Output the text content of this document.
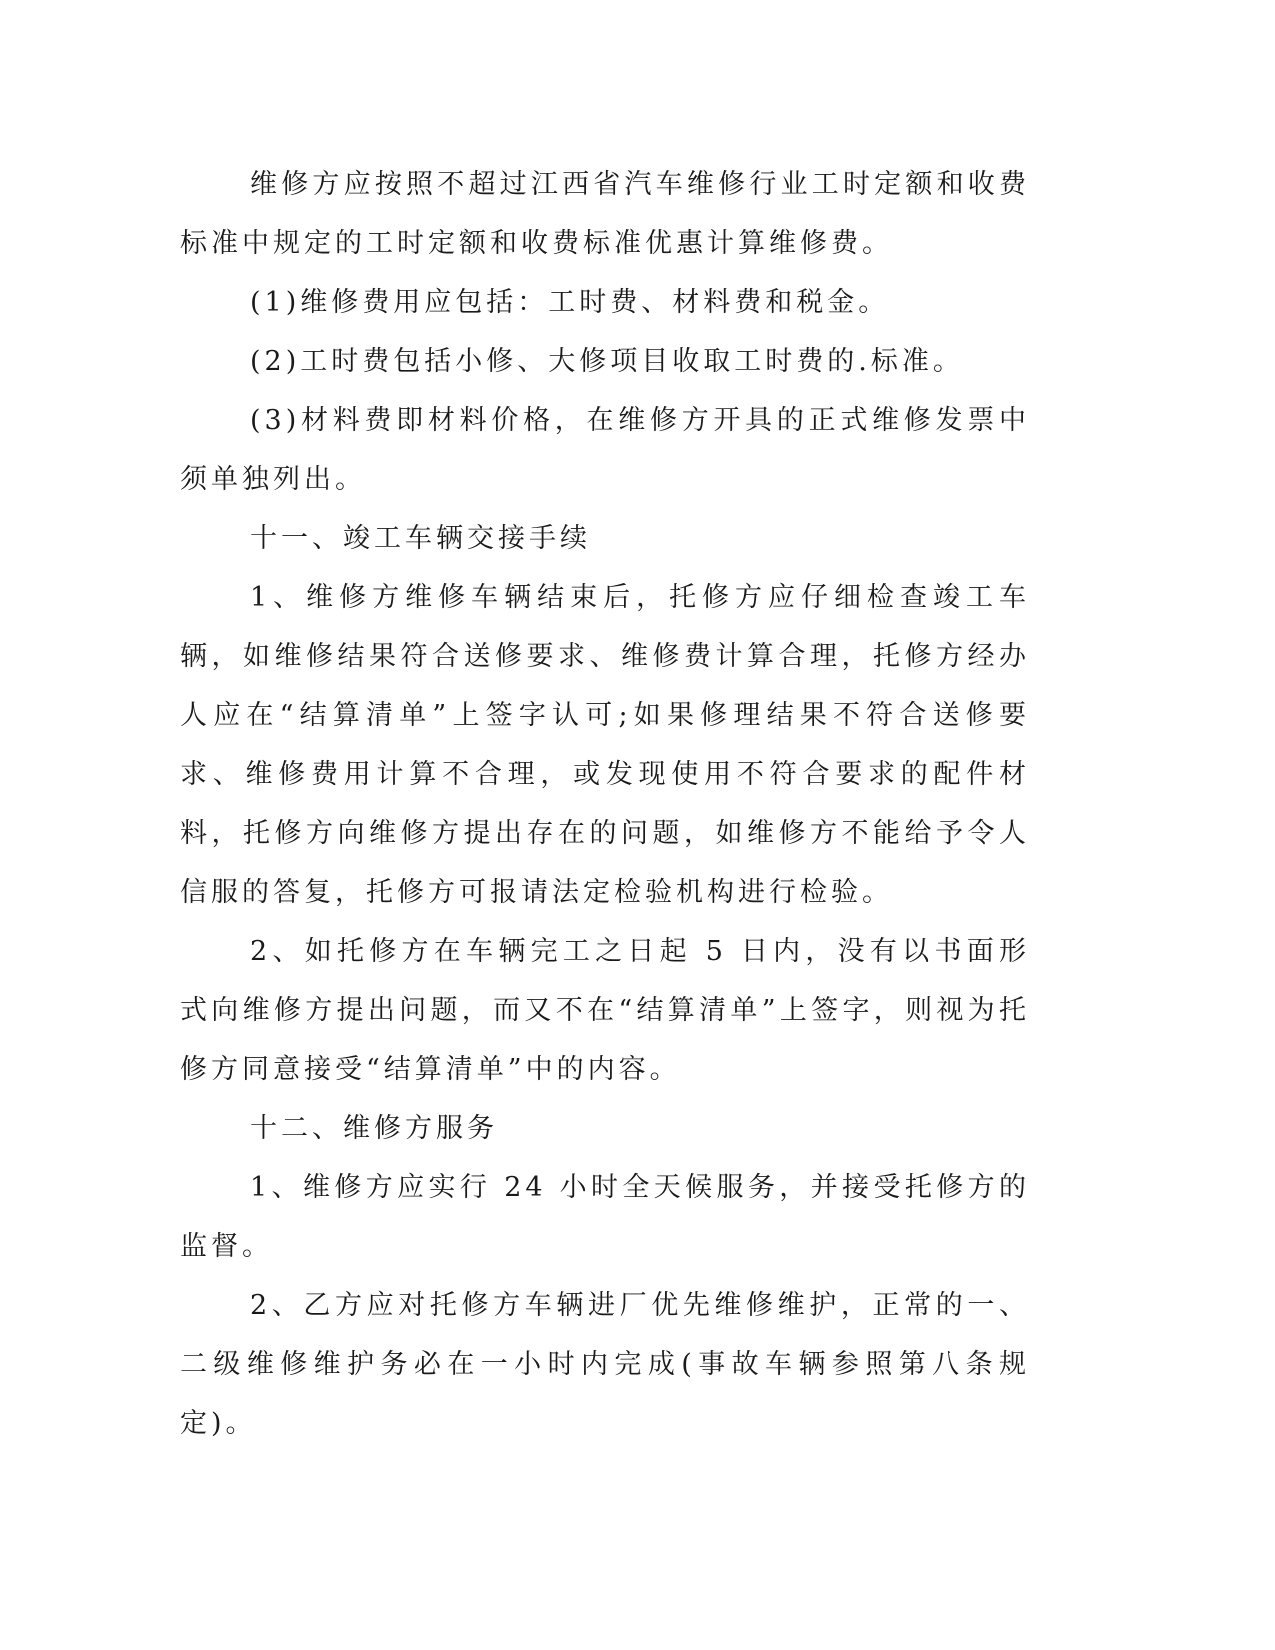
维修方应按照不超过江西省汽车维修行业工时定额和收费标准中规定的工时定额和收费标准优惠计算维修费。

(1)维修费用应包括：工时费、材料费和税金。

(2)工时费包括小修、大修项目收取工时费的.标准。

(3)材料费即材料价格，在维修方开具的正式维修发票中须单独列出。

十一、竣工车辆交接手续

1、维修方维修车辆结束后，托修方应仔细检查竣工车辆，如维修结果符合送修要求、维修费计算合理，托修方经办人应在“结算清单”上签字认可;如果修理结果不符合送修要求、维修费用计算不合理，或发现使用不符合要求的配件材料，托修方向维修方提出存在的问题，如维修方不能给予令人信服的答复，托修方可报请法定检验机构进行检验。

2、如托修方在车辆完工之日起 5 日内，没有以书面形式向维修方提出问题，而又不在“结算清单”上签字，则视为托修方同意接受“结算清单”中的内容。

十二、维修方服务

1、维修方应实行 24 小时全天候服务，并接受托修方的监督。

2、乙方应对托修方车辆进厂优先维修维护，正常的一、二级维修维护务必在一小时内完成(事故车辆参照第八条规定)。
